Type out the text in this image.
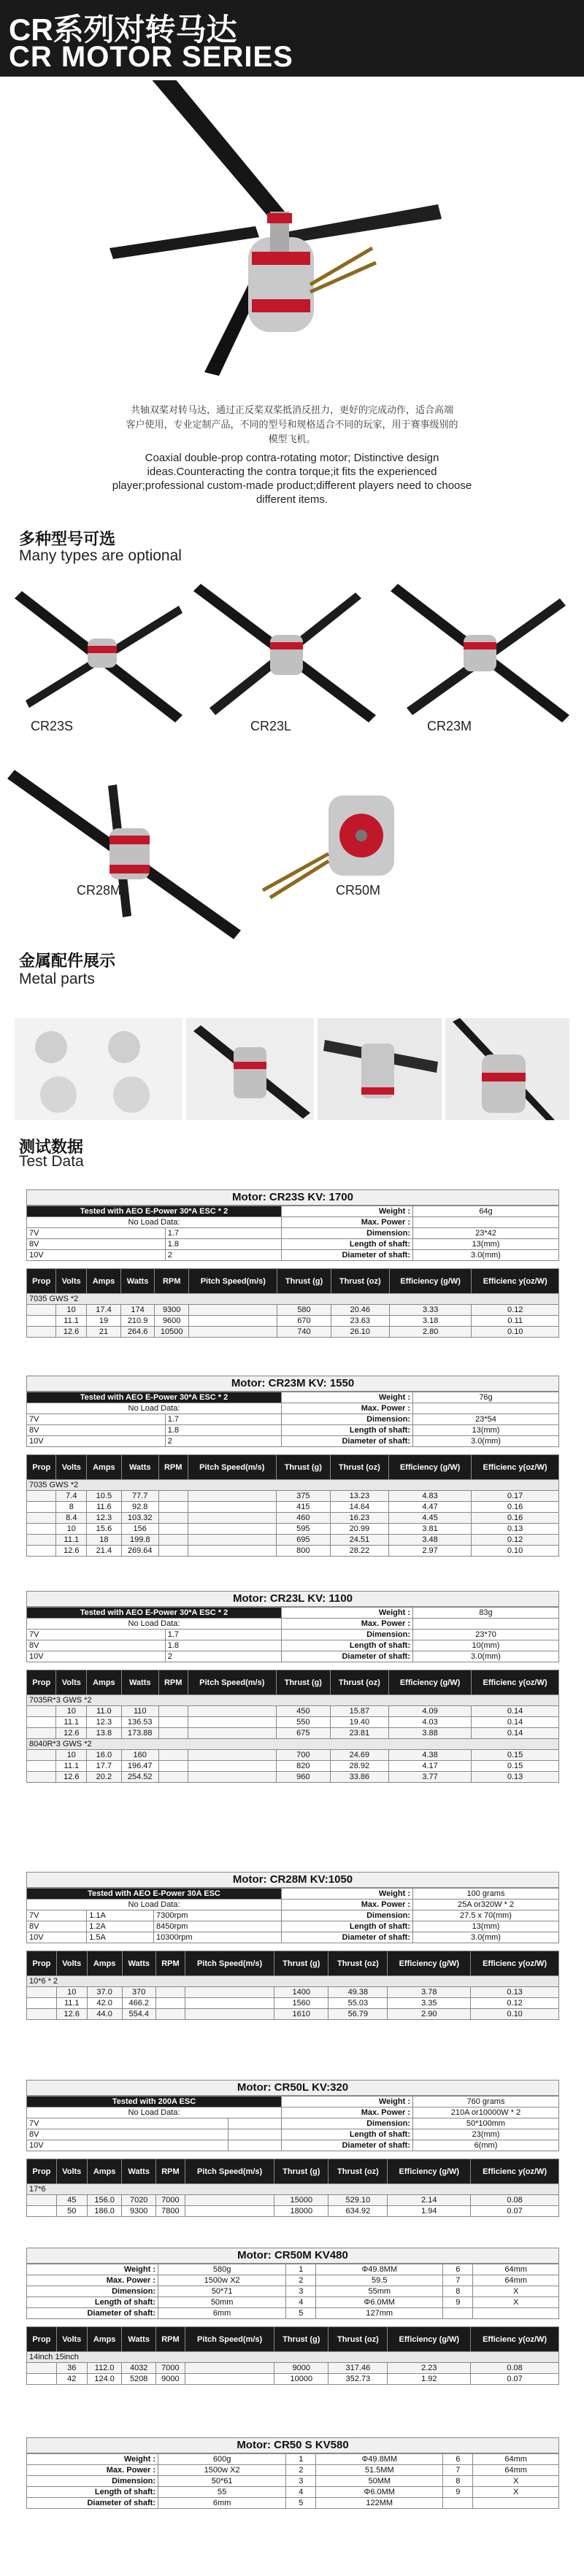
CR系列对转马达
CR MOTOR SERIES
共轴双桨对转马达，通过正反桨双桨抵消反扭力，更好的完成动作，适合高端
客户使用，专业定制产品，不同的型号和规格适合不同的玩家，用于赛事级别的
模型飞机。
Coaxial double-prop contra-rotating motor; Distinctive design
ideas.Counteracting the contra torque;it fits the experienced
player;professional custom-made product;different players need to choose
different items.
多种型号可选
Many types are optional
CR23S	CR23L	CR23M
CR28M	CR50M
金属配件展示
Metal parts
测试数据
Test Data
Motor: CR23S KV: 1700
Tested with AEO E-Power 30*A ESC * 2		Weight :	64g
No Load Data:		Max. Power :	
7V	1.7	Dimension:	23*42
8V	1.8	Length of shaft:	13(mm)
10V	2	Diameter of shaft:	3.0(mm)
Prop	Volts	Amps	Watts	RPM	Pitch Speed(m/s)	Thrust (g)	Thrust (oz)	Efficiency (g/W)	Efficienc y(oz/W)
7035 GWS *2									
	10	17.4	174	9300		580	20.46	3.33	0.12
	11.1	19	210.9	9600		670	23.63	3.18	0.11
	12.6	21	264.6	10500		740	26.10	2.80	0.10
Motor: CR23M KV: 1550
Tested with AEO E-Power 30*A ESC * 2		Weight :	76g
No Load Data:		Max. Power :	
7V	1.7	Dimension:	23*54
8V	1.8	Length of shaft:	13(mm)
10V	2	Diameter of shaft:	3.0(mm)
Prop	Volts	Amps	Watts	RPM	Pitch Speed(m/s)	Thrust (g)	Thrust (oz)	Efficiency (g/W)	Efficienc y(oz/W)
7035 GWS *2									
	7.4	10.5	77.7			375	13.23	4.83	0.17
	8	11.6	92.8			415	14.64	4.47	0.16
	8.4	12.3	103.32			460	16.23	4.45	0.16
	10	15.6	156			595	20.99	3.81	0.13
	11.1	18	199.8			695	24.51	3.48	0.12
	12.6	21.4	269.64			800	28.22	2.97	0.10
Motor: CR23L KV: 1100
Tested with AEO E-Power 30*A ESC * 2		Weight :	83g
No Load Data:		Max. Power :	
7V	1.7	Dimension:	23*70
8V	1.8	Length of shaft:	10(mm)
10V	2	Diameter of shaft:	3.0(mm)
Prop	Volts	Amps	Watts	RPM	Pitch Speed(m/s)	Thrust (g)	Thrust (oz)	Efficiency (g/W)	Efficienc y(oz/W)
7035R*3 GWS *2									
	10	11.0	110			450	15.87	4.09	0.14
	11.1	12.3	136.53			550	19.40	4.03	0.14
	12.6	13.8	173.88			675	23.81	3.88	0.14
8040R*3 GWS *2									
	10	16.0	160			700	24.69	4.38	0.15
	11.1	17.7	196.47			820	28.92	4.17	0.15
	12.6	20.2	254.52			960	33.86	3.77	0.13
Motor: CR28M KV:1050
Tested with AEO E-Power 30A ESC			Weight :	100 grams
No Load Data:			Max. Power :	25A or320W * 2
7V	1.1A	7300rpm	Dimension:	27.5 x 70(mm)
8V	1.2A	8450rpm	Length of shaft:	13(mm)
10V	1.5A	10300rpm	Diameter of shaft:	3.0(mm)
Prop	Volts	Amps	Watts	RPM	Pitch Speed(m/s)	Thrust (g)	Thrust (oz)	Efficiency (g/W)	Efficienc y(oz/W)
10*6 * 2									
	10	37.0	370			1400	49.38	3.78	0.13
	11.1	42.0	466.2			1560	55.03	3.35	0.12
	12.6	44.0	554.4			1610	56.79	2.90	0.10
Motor: CR50L KV:320
Tested with 200A ESC		Weight :	760 grams
No Load Data:		Max. Power :	210A or10000W * 2
7V		Dimension:	50*100mm
8V		Length of shaft:	23(mm)
10V		Diameter of shaft:	6(mm)
Prop	Volts	Amps	Watts	RPM	Pitch Speed(m/s)	Thrust (g)	Thrust (oz)	Efficiency (g/W)	Efficienc y(oz/W)
17*6									
	45	156.0	7020	7000		15000	529.10	2.14	0.08
	50	186.0	9300	7800		18000	634.92	1.94	0.07
Motor: CR50M KV480
Weight :	580g	1	Φ49.8MM	6	64mm
Max. Power :	1500w X2	2	59.5	7	64mm
Dimension:	50*71	3	55mm	8	X
Length of shaft:	50mm	4	Φ6.0MM	9	X
Diameter of shaft:	6mm	5	127mm		
Prop	Volts	Amps	Watts	RPM	Pitch Speed(m/s)	Thrust (g)	Thrust (oz)	Efficiency (g/W)	Efficienc y(oz/W)
14inch 15inch									
	36	112.0	4032	7000		9000	317.46	2.23	0.08
	42	124.0	5208	9000		10000	352.73	1.92	0.07
Motor: CR50 S KV580
Weight :	600g	1	Φ49.8MM	6	64mm
Max. Power :	1500w X2	2	51.5MM	7	64mm
Dimension:	50*61	3	50MM	8	X
Length of shaft:	55	4	Φ6.0MM	9	X
Diameter of shaft:	6mm	5	122MM		
